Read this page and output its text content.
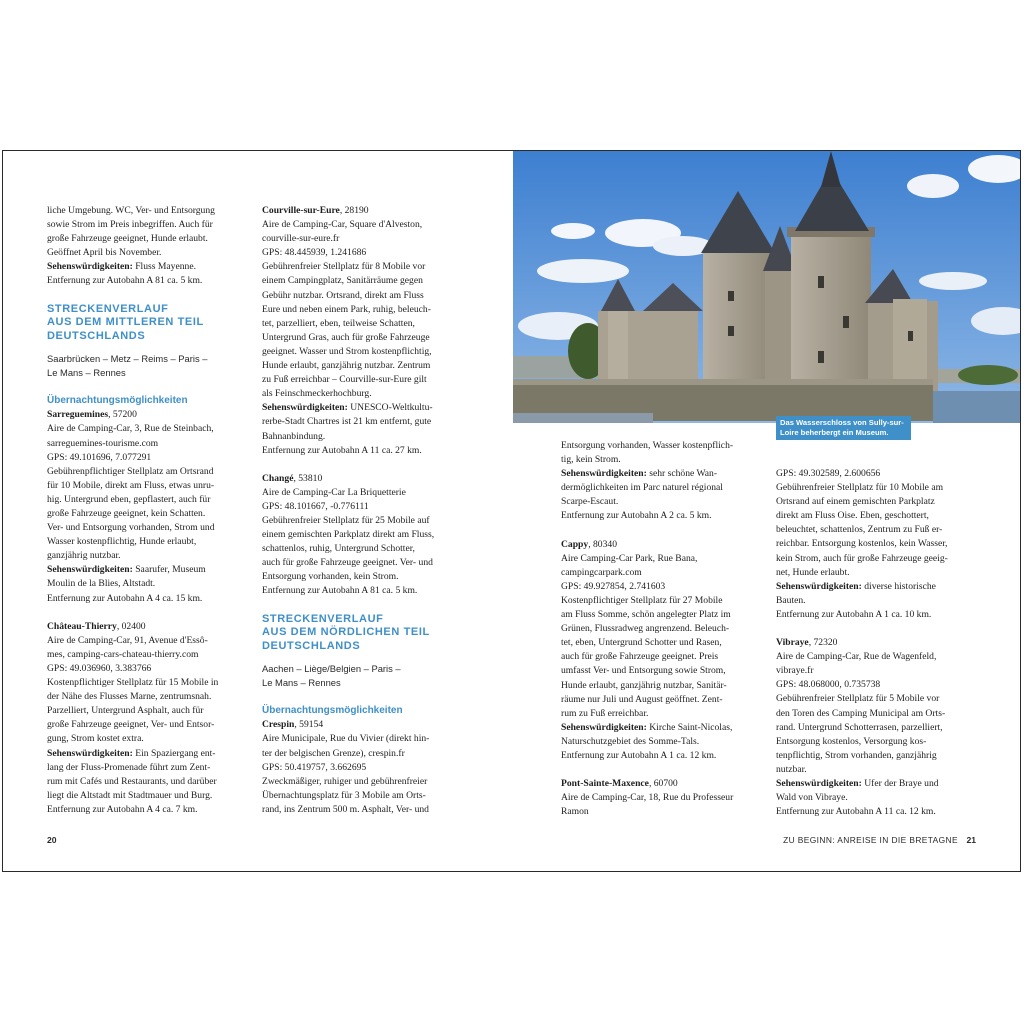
liche Umgebung. WC, Ver- und Entsorgung

sowie Strom im Preis inbegriffen. Auch für

große Fahrzeuge geeignet, Hunde erlaubt.

Geöffnet April bis November.

Sehenswürdigkeiten: Fluss Mayenne.

Entfernung zur Autobahn A 81 ca. 5 km.

STRECKENVERLAUF
AUS DEM MITTLEREN TEIL
DEUTSCHLANDS

Saarbrücken – Metz – Reims – Paris –

Le Mans – Rennes

Übernachtungsmöglichkeiten

Sarreguemines, 57200

Aire de Camping-Car, 3, Rue de Steinbach,

sarreguemines-tourisme.com

GPS: 49.101696, 7.077291

Gebührenpflichtiger Stellplatz am Ortsrand

für 10 Mobile, direkt am Fluss, etwas unru-

hig. Untergrund eben, gepflastert, auch für

große Fahrzeuge geeignet, kein Schatten.

Ver- und Entsorgung vorhanden, Strom und

Wasser kostenpflichtig, Hunde erlaubt,

ganzjährig nutzbar.

Sehenswürdigkeiten: Saarufer, Museum

Moulin de la Blies, Altstadt.

Entfernung zur Autobahn A 4 ca. 15 km.

Château-Thierry, 02400

Aire de Camping-Car, 91, Avenue d'Essô-

mes, camping-cars-chateau-thierry.com

GPS: 49.036960, 3.383766

Kostenpflichtiger Stellplatz für 15 Mobile in

der Nähe des Flusses Marne, zentrumsnah.

Parzelliert, Untergrund Asphalt, auch für

große Fahrzeuge geeignet, Ver- und Entsor-

gung, Strom kostet extra.

Sehenswürdigkeiten: Ein Spaziergang ent-

lang der Fluss-Promenade führt zum Zent-

rum mit Cafés und Restaurants, und darüber

liegt die Altstadt mit Stadtmauer und Burg.

Entfernung zur Autobahn A 4 ca. 7 km.

Courville-sur-Eure, 28190

Aire de Camping-Car, Square d'Alveston,

courville-sur-eure.fr

GPS: 48.445939, 1.241686

Gebührenfreier Stellplatz für 8 Mobile vor

einem Campingplatz, Sanitärräume gegen

Gebühr nutzbar. Ortsrand, direkt am Fluss

Eure und neben einem Park, ruhig, beleuch-

tet, parzelliert, eben, teilweise Schatten,

Untergrund Gras, auch für große Fahrzeuge

geeignet. Wasser und Strom kostenpflichtig,

Hunde erlaubt, ganzjährig nutzbar. Zentrum

zu Fuß erreichbar – Courville-sur-Eure gilt

als Feinschmeckerhochburg.

Sehenswürdigkeiten: UNESCO-Weltkultu-

rerbe-Stadt Chartres ist 21 km entfernt, gute

Bahnanbindung.

Entfernung zur Autobahn A 11 ca. 27 km.

Changé, 53810

Aire de Camping-Car La Briquetterie

GPS: 48.101667, -0.776111

Gebührenfreier Stellplatz für 25 Mobile auf

einem gemischten Parkplatz direkt am Fluss,

schattenlos, ruhig, Untergrund Schotter,

auch für große Fahrzeuge geeignet. Ver- und

Entsorgung vorhanden, kein Strom.

Entfernung zur Autobahn A 81 ca. 5 km.

STRECKENVERLAUF
AUS DEM NÖRDLICHEN TEIL
DEUTSCHLANDS

Aachen – Liège/Belgien – Paris –

Le Mans – Rennes

Übernachtungsmöglichkeiten

Crespin, 59154

Aire Municipale, Rue du Vivier (direkt hin-

ter der belgischen Grenze), crespin.fr

GPS: 50.419757, 3.662695

Zweckmäßiger, ruhiger und gebührenfreier

Übernachtungsplatz für 3 Mobile am Orts-

rand, ins Zentrum 500 m. Asphalt, Ver- und

Das Wasserschloss von Sully-sur-Loire beherbergt ein Museum.

Entsorgung vorhanden, Wasser kostenpflich-

tig, kein Strom.

Sehenswürdigkeiten: sehr schöne Wan-

dermöglichkeiten im Parc naturel régional

Scarpe-Escaut.

Entfernung zur Autobahn A 2 ca. 5 km.

Cappy, 80340

Aire Camping-Car Park, Rue Bana,

campingcarpark.com

GPS: 49.927854, 2.741603

Kostenpflichtiger Stellplatz für 27 Mobile

am Fluss Somme, schön angelegter Platz im

Grünen, Flussradweg angrenzend. Beleuch-

tet, eben, Untergrund Schotter und Rasen,

auch für große Fahrzeuge geeignet. Preis

umfasst Ver- und Entsorgung sowie Strom,

Hunde erlaubt, ganzjährig nutzbar, Sanitär-

räume nur Juli und August geöffnet. Zent-

rum zu Fuß erreichbar.

Sehenswürdigkeiten: Kirche Saint-Nicolas,

Naturschutzgebiet des Somme-Tals.

Entfernung zur Autobahn A 1 ca. 12 km.

Pont-Sainte-Maxence, 60700

Aire de Camping-Car, 18, Rue du Professeur

Ramon

GPS: 49.302589, 2.600656

Gebührenfreier Stellplatz für 10 Mobile am

Ortsrand auf einem gemischten Parkplatz

direkt am Fluss Oise. Eben, geschottert,

beleuchtet, schattenlos, Zentrum zu Fuß er-

reichbar. Entsorgung kostenlos, kein Wasser,

kein Strom, auch für große Fahrzeuge geeig-

net, Hunde erlaubt.

Sehenswürdigkeiten: diverse historische

Bauten.

Entfernung zur Autobahn A 1 ca. 10 km.

Vibraye, 72320

Aire de Camping-Car, Rue de Wagenfeld,

vibraye.fr

GPS: 48.068000, 0.735738

Gebührenfreier Stellplatz für 5 Mobile vor

den Toren des Camping Municipal am Orts-

rand. Untergrund Schotterrasen, parzelliert,

Entsorgung kostenlos, Versorgung kos-

tenpflichtig, Strom vorhanden, ganzjährig

nutzbar.

Sehenswürdigkeiten: Ufer der Braye und

Wald von Vibraye.

Entfernung zur Autobahn A 11 ca. 12 km.

20	ZU BEGINN: ANREISE IN DIE BRETAGNE 21
